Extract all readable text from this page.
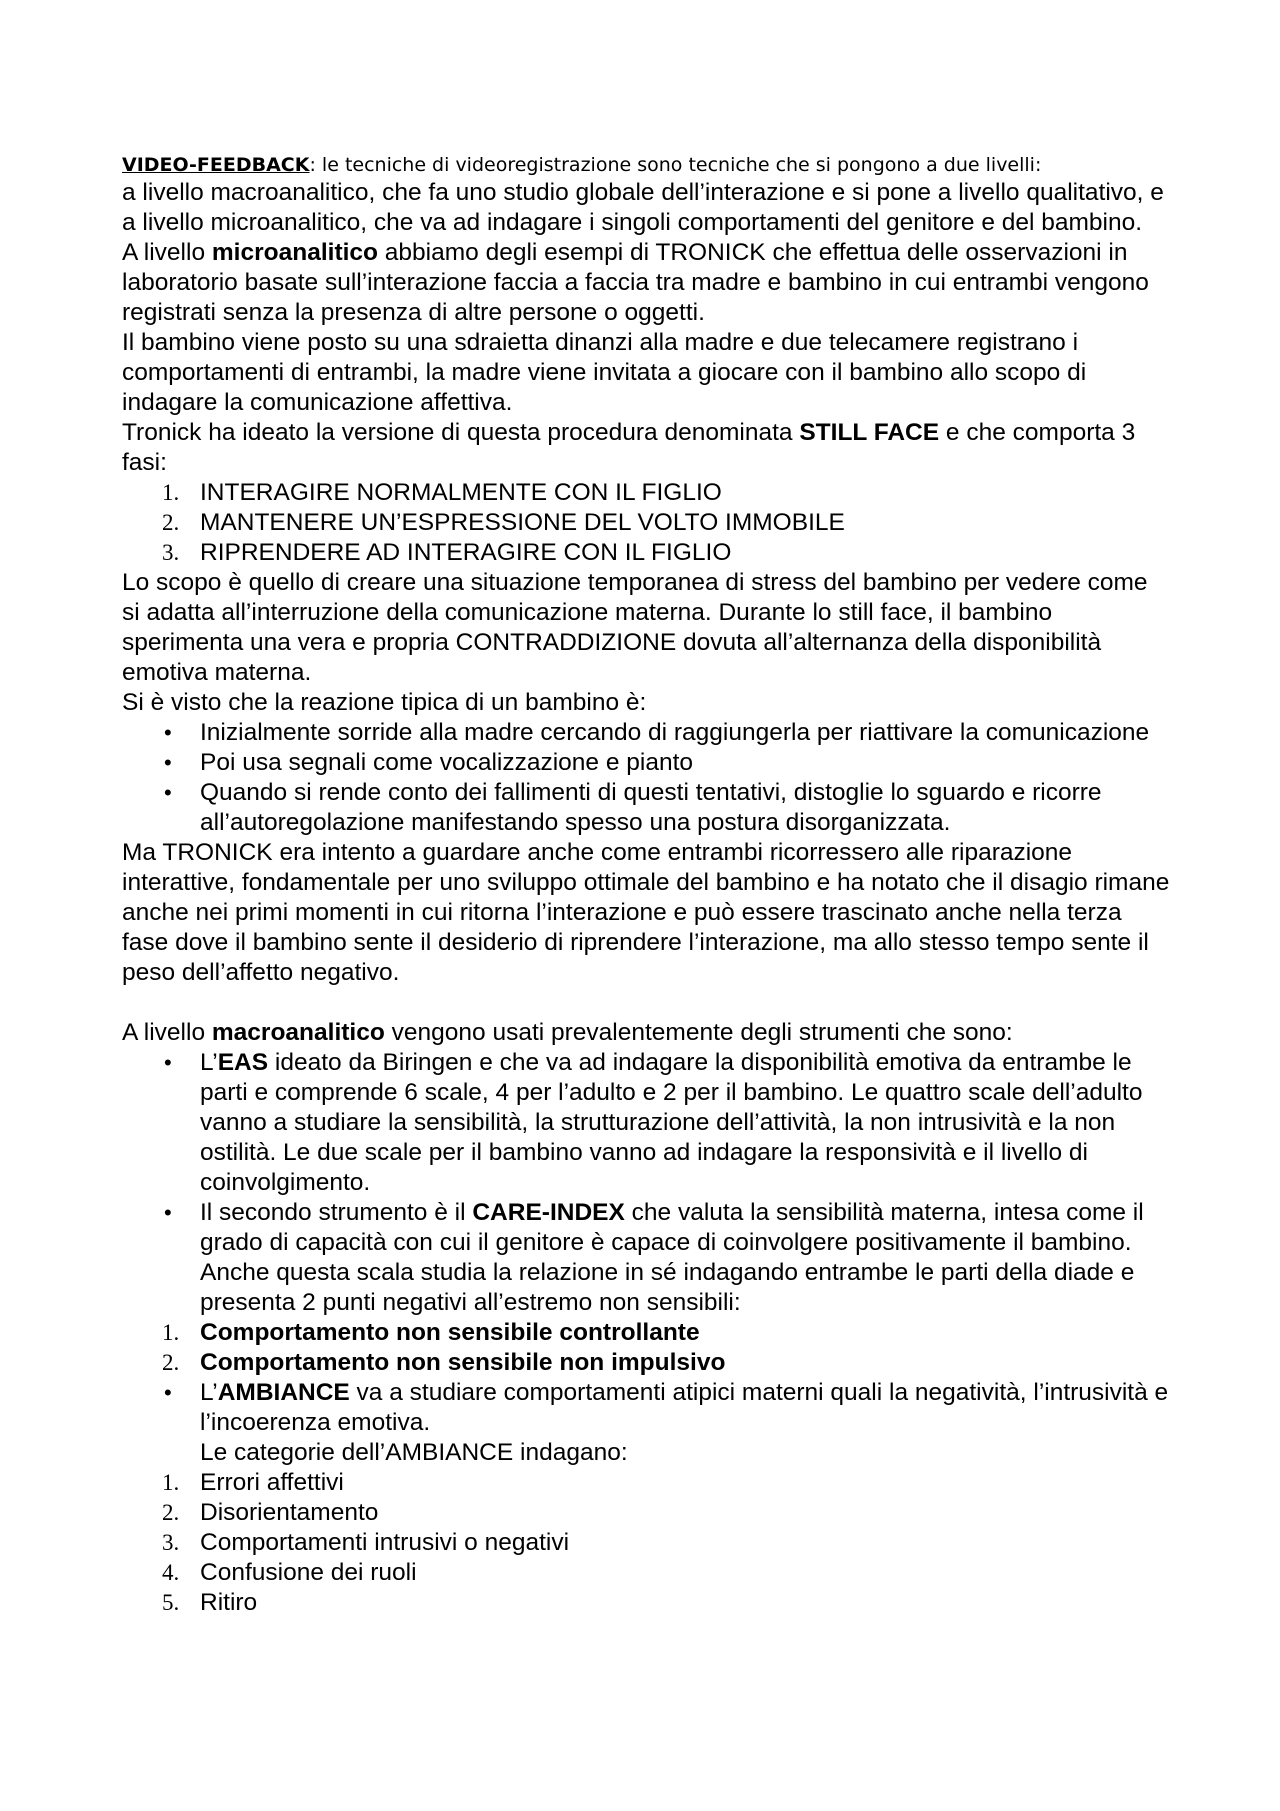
VIDEO-FEEDBACK: le tecniche di videoregistrazione sono tecniche che si pongono a due livelli:

a livello macroanalitico, che fa uno studio globale dell’interazione e si pone a livello qualitativo, e a livello microanalitico, che va ad indagare i singoli comportamenti del genitore e del bambino.

A livello microanalitico abbiamo degli esempi di TRONICK che effettua delle osservazioni in laboratorio basate sull’interazione faccia a faccia tra madre e bambino in cui entrambi vengono registrati senza la presenza di altre persone o oggetti.

Il bambino viene posto su una sdraietta dinanzi alla madre e due telecamere registrano i comportamenti di entrambi, la madre viene invitata a giocare con il bambino allo scopo di indagare la comunicazione affettiva.

Tronick ha ideato la versione di questa procedura denominata STILL FACE e che comporta 3 fasi:

1. INTERAGIRE NORMALMENTE CON IL FIGLIO
2. MANTENERE UN’ESPRESSIONE DEL VOLTO IMMOBILE
3. RIPRENDERE AD INTERAGIRE CON IL FIGLIO

Lo scopo è quello di creare una situazione temporanea di stress del bambino per vedere come si adatta all’interruzione della comunicazione materna. Durante lo still face, il bambino sperimenta una vera e propria CONTRADDIZIONE dovuta all’alternanza della disponibilità emotiva materna.

Si è visto che la reazione tipica di un bambino è:

• Inizialmente sorride alla madre cercando di raggiungerla per riattivare la comunicazione
• Poi usa segnali come vocalizzazione e pianto
• Quando si rende conto dei fallimenti di questi tentativi, distoglie lo sguardo e ricorre all’autoregolazione manifestando spesso una postura disorganizzata.

Ma TRONICK era intento a guardare anche come entrambi ricorressero alle riparazione interattive, fondamentale per uno sviluppo ottimale del bambino e ha notato che il disagio rimane anche nei primi momenti in cui ritorna l’interazione e può essere trascinato anche nella terza fase dove il bambino sente il desiderio di riprendere l’interazione, ma allo stesso tempo sente il peso dell’affetto negativo.

A livello macroanalitico vengono usati prevalentemente degli strumenti che sono:

• L’EAS ideato da Biringen e che va ad indagare la disponibilità emotiva da entrambe le parti e comprende 6 scale, 4 per l’adulto e 2 per il bambino. Le quattro scale dell’adulto vanno a studiare la sensibilità, la strutturazione dell’attività, la non intrusività e la non ostilità. Le due scale per il bambino vanno ad indagare la responsività e il livello di coinvolgimento.
• Il secondo strumento è il CARE-INDEX che valuta la sensibilità materna, intesa come il grado di capacità con cui il genitore è capace di coinvolgere positivamente il bambino. Anche questa scala studia la relazione in sé indagando entrambe le parti della diade e presenta 2 punti negativi all’estremo non sensibili:
1. Comportamento non sensibile controllante
2. Comportamento non sensibile non impulsivo
• L’AMBIANCE va a studiare comportamenti atipici materni quali la negatività, l’intrusività e l’incoerenza emotiva.
Le categorie dell’AMBIANCE indagano:
1. Errori affettivi
2. Disorientamento
3. Comportamenti intrusivi o negativi
4. Confusione dei ruoli
5. Ritiro
